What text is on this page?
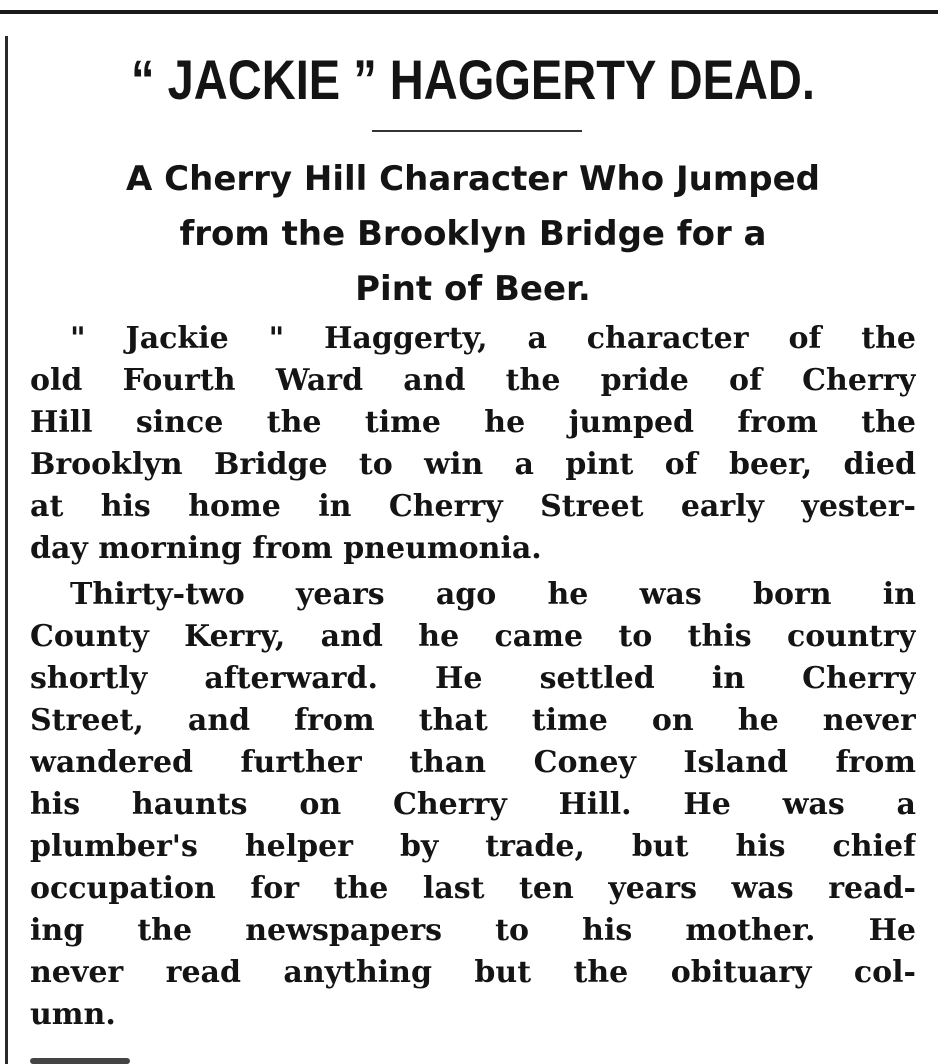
“ JACKIE ” HAGGERTY DEAD.
A Cherry Hill Character Who Jumped
from the Brooklyn Bridge for a
Pint of Beer.
" Jackie " Haggerty, a character of the
old Fourth Ward and the pride of Cherry
Hill since the time he jumped from the
Brooklyn Bridge to win a pint of beer, died
at his home in Cherry Street early yester-
day morning from pneumonia.
Thirty-two years ago he was born in
County Kerry, and he came to this country
shortly afterward. He settled in Cherry
Street, and from that time on he never
wandered further than Coney Island from
his haunts on Cherry Hill. He was a
plumber's helper by trade, but his chief
occupation for the last ten years was read-
ing the newspapers to his mother. He
never read anything but the obituary col-
umn.
